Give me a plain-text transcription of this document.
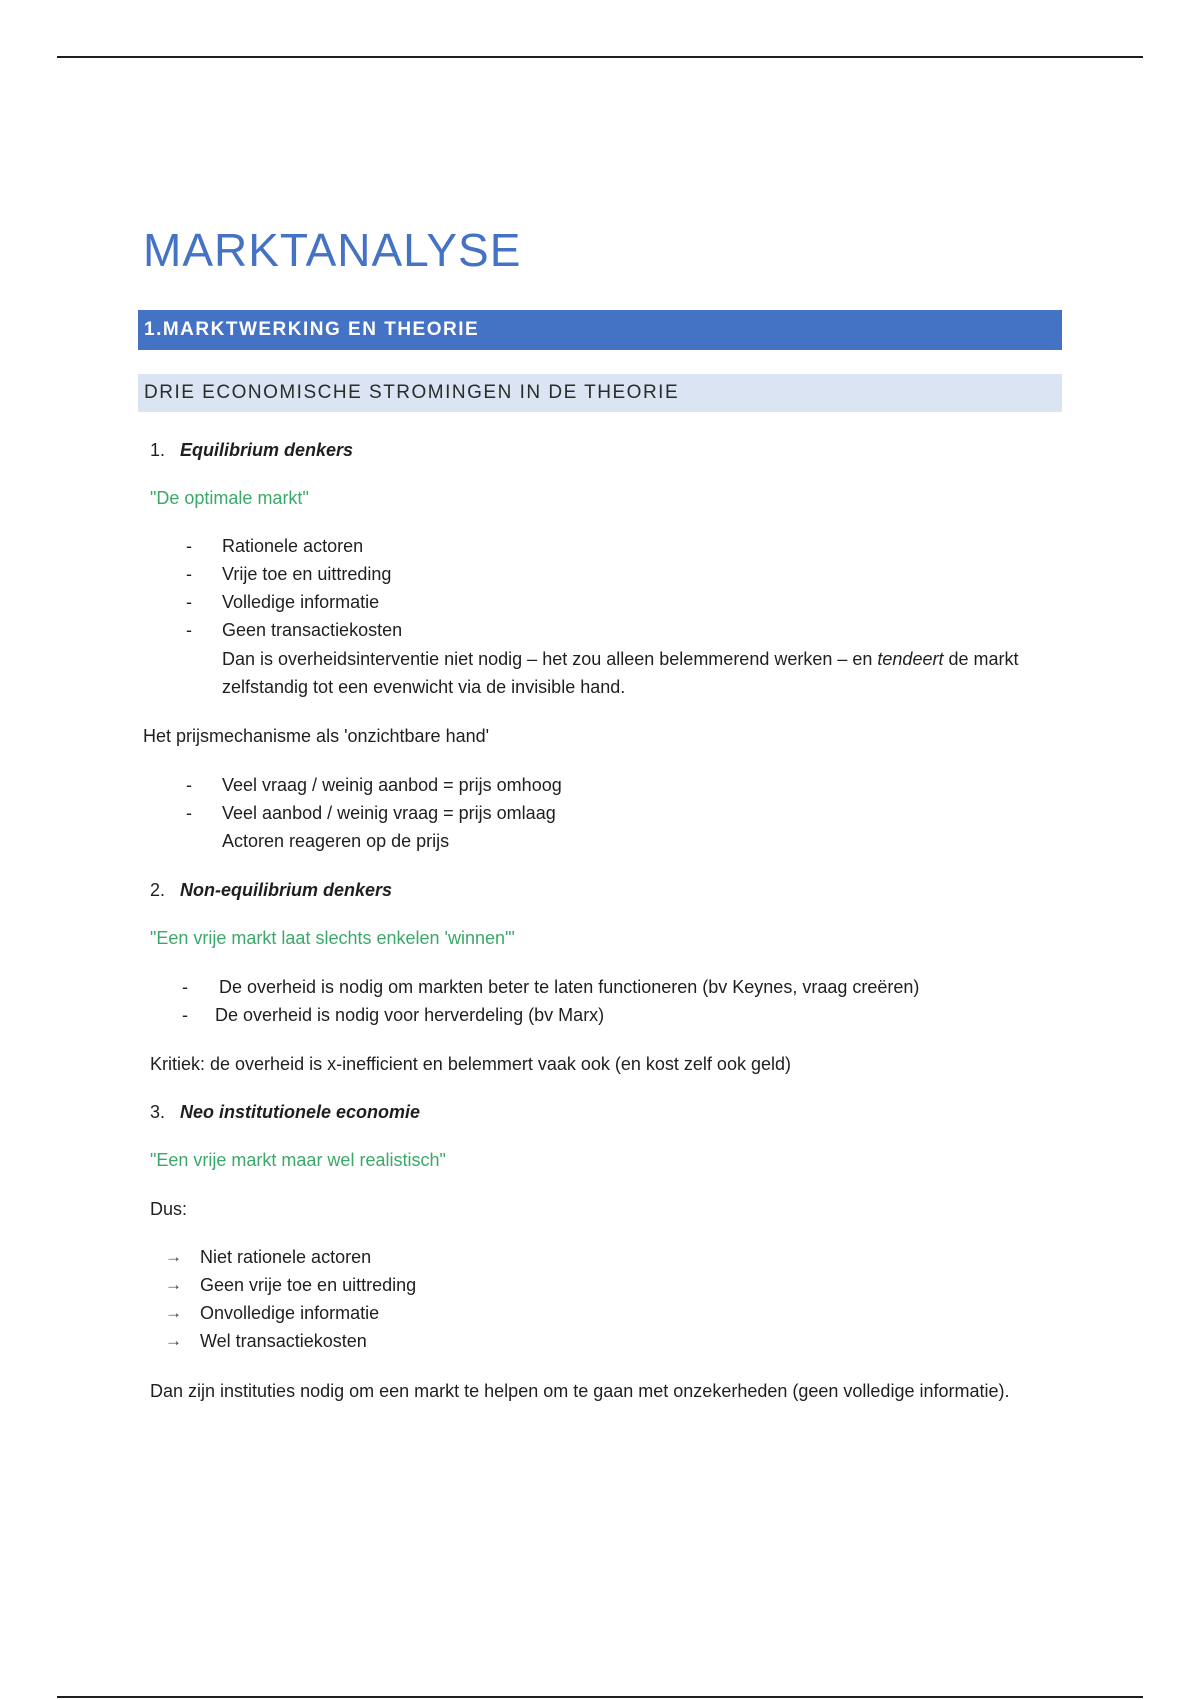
MARKTANALYSE
1.MARKTWERKING EN THEORIE
DRIE ECONOMISCHE STROMINGEN IN DE THEORIE
1. Equilibrium denkers
"De optimale markt"
- Rationele actoren
- Vrije toe en uittreding
- Volledige informatie
- Geen transactiekosten
Dan is overheidsinterventie niet nodig – het zou alleen belemmerend werken – en tendeert de markt
zelfstandig tot een evenwicht via de invisible hand.
Het prijsmechanisme als 'onzichtbare hand'
- Veel vraag / weinig aanbod = prijs omhoog
- Veel aanbod / weinig vraag = prijs omlaag
Actoren reageren op de prijs
2. Non-equilibrium denkers
"Een vrije markt laat slechts enkelen 'winnen'"
- De overheid is nodig om markten beter te laten functioneren (bv Keynes, vraag creëren)
- De overheid is nodig voor herverdeling (bv Marx)
Kritiek: de overheid is x-inefficient en belemmert vaak ook (en kost zelf ook geld)
3. Neo institutionele economie
"Een vrije markt maar wel realistisch"
Dus:
→ Niet rationele actoren
→ Geen vrije toe en uittreding
→ Onvolledige informatie
→ Wel transactiekosten
Dan zijn instituties nodig om een markt te helpen om te gaan met onzekerheden (geen volledige informatie).
